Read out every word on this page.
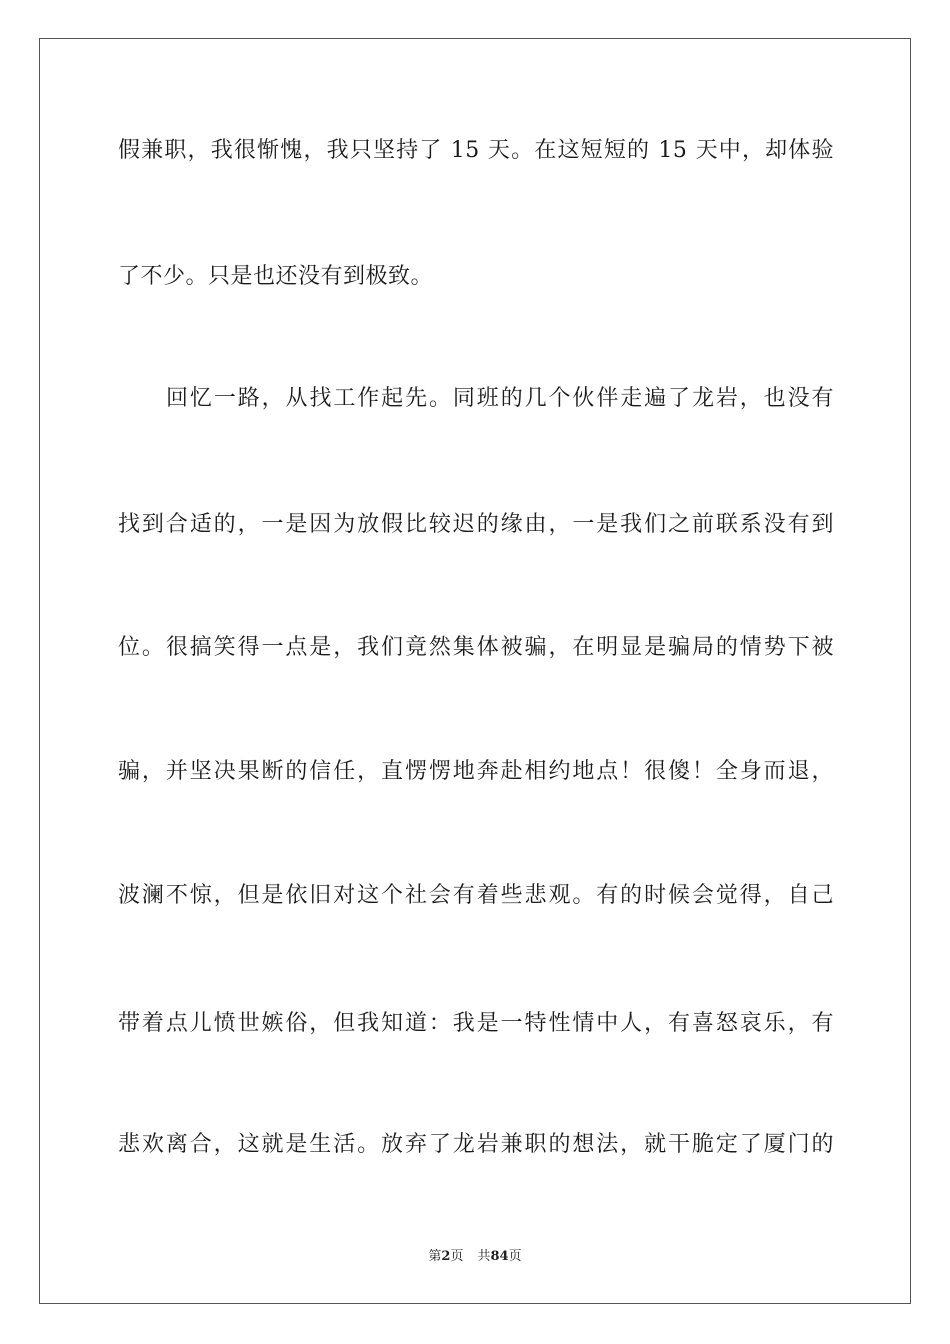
假兼职，我很惭愧，我只坚持了 15 天。在这短短的 15 天中，却体验
了不少。只是也还没有到极致。
回忆一路，从找工作起先。同班的几个伙伴走遍了龙岩，也没有
找到合适的，一是因为放假比较迟的缘由，一是我们之前联系没有到
位。很搞笑得一点是，我们竟然集体被骗，在明显是骗局的情势下被
骗，并坚决果断的信任，直愣愣地奔赴相约地点！很傻！全身而退，
波澜不惊，但是依旧对这个社会有着些悲观。有的时候会觉得，自己
带着点儿愤世嫉俗，但我知道：我是一特性情中人，有喜怒哀乐，有
悲欢离合，这就是生活。放弃了龙岩兼职的想法，就干脆定了厦门的
第2页 共84页
